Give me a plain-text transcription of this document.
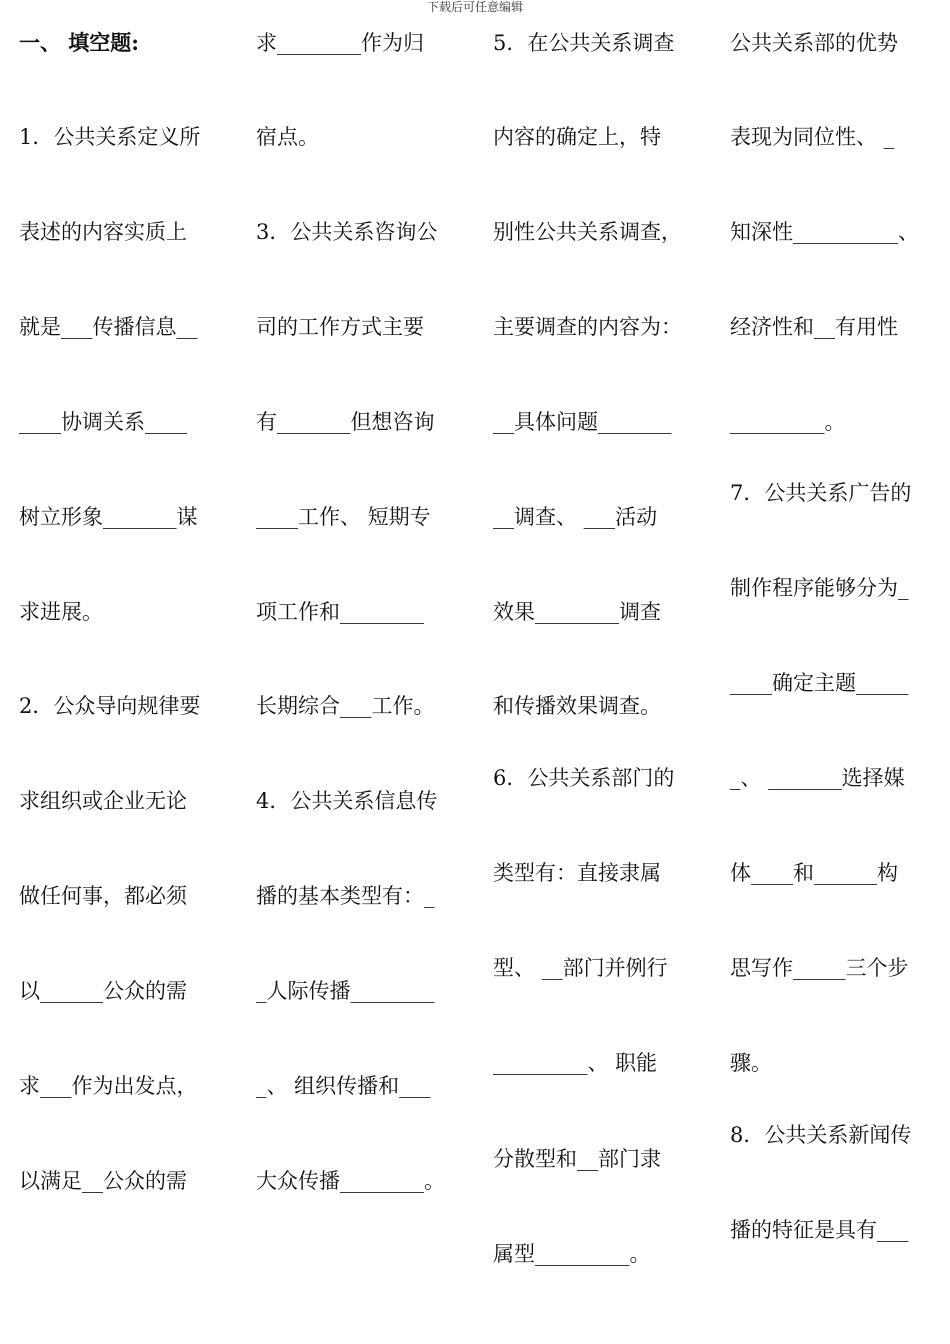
下载后可任意编辑
一、 填空题:
1．公共关系定义所
表述的内容实质上
就是___传播信息__
____协调关系____
树立形象_______谋
求进展。
2．公众导向规律要
求组织或企业无论
做任何事，都必须
以______公众的需
求___作为出发点，
以满足__公众的需
求________作为归
宿点。
3．公共关系咨询公
司的工作方式主要
有_______但想咨询
____工作、 短期专
项工作和________
长期综合___工作。
4．公共关系信息传
播的基本类型有：_
_人际传播________
_、 组织传播和___
大众传播________。
5．在公共关系调查
内容的确定上，特
别性公共关系调查，
主要调查的内容为：
__具体问题_______
__调查、 ___活动
效果________调查
和传播效果调查。
6．公共关系部门的
类型有：直接隶属
型、 __部门并例行
_________、 职能
分散型和__部门隶
属型_________。
公共关系部的优势
表现为同位性、 _
知深性__________、
经济性和__有用性
_________。
7．公共关系广告的
制作程序能够分为_
____确定主题_____
_、 _______选择媒
体____和______构
思写作_____三个步
骤。
8．公共关系新闻传
播的特征是具有___
